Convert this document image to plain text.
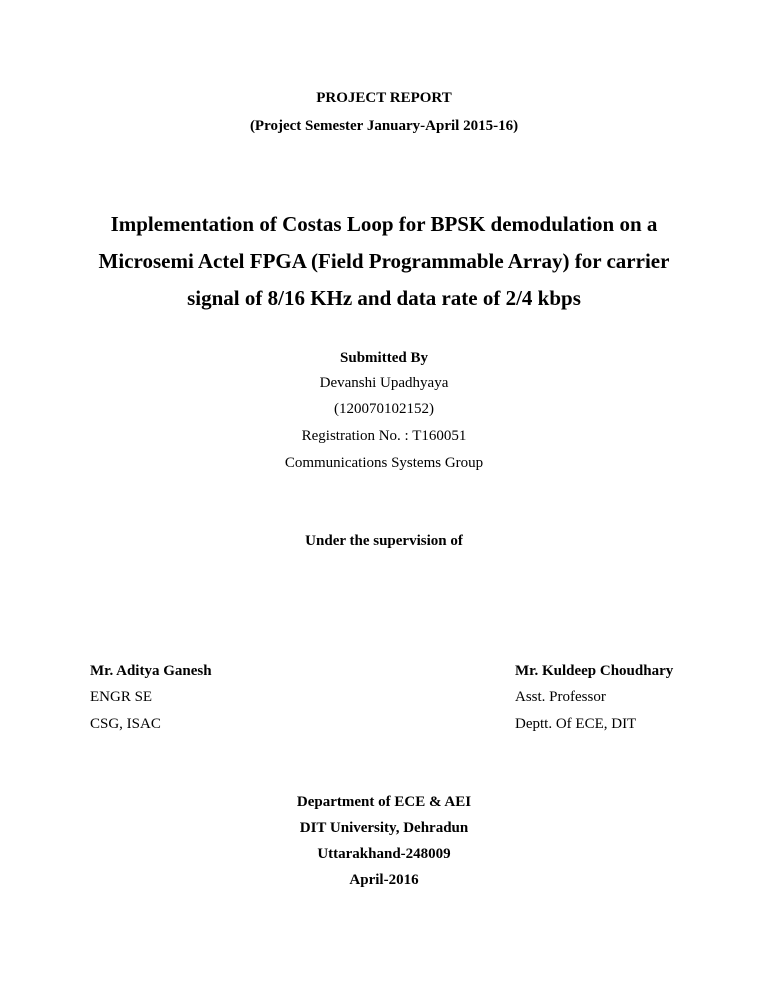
PROJECT REPORT
(Project Semester January-April 2015-16)
Implementation of Costas Loop for BPSK demodulation on a
Microsemi Actel FPGA (Field Programmable Array) for carrier
signal of 8/16 KHz and data rate of 2/4 kbps
Submitted By
Devanshi Upadhyaya
(120070102152)
Registration No. : T160051
Communications Systems Group
Under the supervision of
Mr. Aditya Ganesh
ENGR SE
CSG, ISAC
Mr. Kuldeep Choudhary
Asst. Professor
Deptt. Of ECE, DIT
Department of ECE & AEI
DIT University, Dehradun
Uttarakhand-248009
April-2016
